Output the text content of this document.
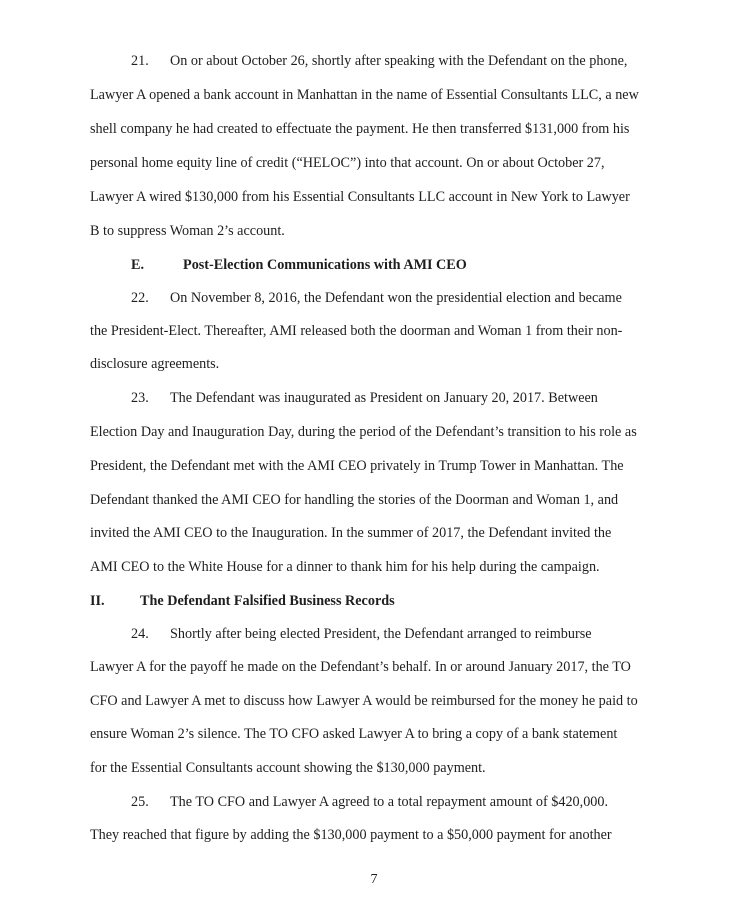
21.      On or about October 26, shortly after speaking with the Defendant on the phone,
Lawyer A opened a bank account in Manhattan in the name of Essential Consultants LLC, a new
shell company he had created to effectuate the payment. He then transferred $131,000 from his
personal home equity line of credit (“HELOC”) into that account. On or about October 27,
Lawyer A wired $130,000 from his Essential Consultants LLC account in New York to Lawyer
B to suppress Woman 2’s account.
E.           Post-Election Communications with AMI CEO
22.      On November 8, 2016, the Defendant won the presidential election and became
the President-Elect. Thereafter, AMI released both the doorman and Woman 1 from their non-
disclosure agreements.
23.      The Defendant was inaugurated as President on January 20, 2017. Between
Election Day and Inauguration Day, during the period of the Defendant’s transition to his role as
President, the Defendant met with the AMI CEO privately in Trump Tower in Manhattan. The
Defendant thanked the AMI CEO for handling the stories of the Doorman and Woman 1, and
invited the AMI CEO to the Inauguration. In the summer of 2017, the Defendant invited the
AMI CEO to the White House for a dinner to thank him for his help during the campaign.
II.          The Defendant Falsified Business Records
24.      Shortly after being elected President, the Defendant arranged to reimburse
Lawyer A for the payoff he made on the Defendant’s behalf. In or around January 2017, the TO
CFO and Lawyer A met to discuss how Lawyer A would be reimbursed for the money he paid to
ensure Woman 2’s silence. The TO CFO asked Lawyer A to bring a copy of a bank statement
for the Essential Consultants account showing the $130,000 payment.
25.      The TO CFO and Lawyer A agreed to a total repayment amount of $420,000.
They reached that figure by adding the $130,000 payment to a $50,000 payment for another
7
